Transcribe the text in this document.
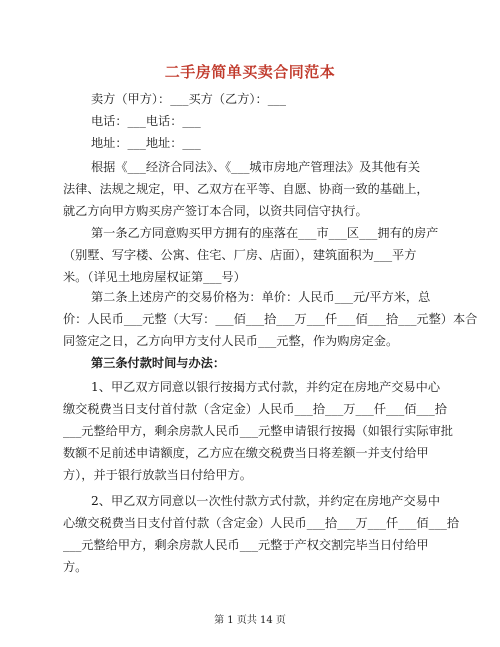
二手房简单买卖合同范本
卖方（甲方）：___买方（乙方）：___
电话：___电话：___
地址：___地址：___
根据《___经济合同法》、《___城市房地产管理法》及其他有关
法律、法规之规定，甲、乙双方在平等、自愿、协商一致的基础上，
就乙方向甲方购买房产签订本合同，以资共同信守执行。
第一条乙方同意购买甲方拥有的座落在___市___区___拥有的房产
（别墅、写字楼、公寓、住宅、厂房、店面），建筑面积为___平方
米。（详见土地房屋权证第___号）
第二条上述房产的交易价格为：单价：人民币___元/平方米，总
价：人民币___元整（大写：___佰___拾___万___仟___佰___拾___元整）本合
同签定之日，乙方向甲方支付人民币___元整，作为购房定金。
第三条付款时间与办法：
1、甲乙双方同意以银行按揭方式付款，并约定在房地产交易中心
缴交税费当日支付首付款（含定金）人民币___拾___万___仟___佰___拾
___元整给甲方，剩余房款人民币___元整申请银行按揭（如银行实际审批
数额不足前述申请额度，乙方应在缴交税费当日将差额一并支付给甲
方），并于银行放款当日付给甲方。
2、甲乙双方同意以一次性付款方式付款，并约定在房地产交易中
心缴交税费当日支付首付款（含定金）人民币___拾___万___仟___佰___拾
___元整给甲方，剩余房款人民币___元整于产权交割完毕当日付给甲
方。
第 1 页共 14 页
